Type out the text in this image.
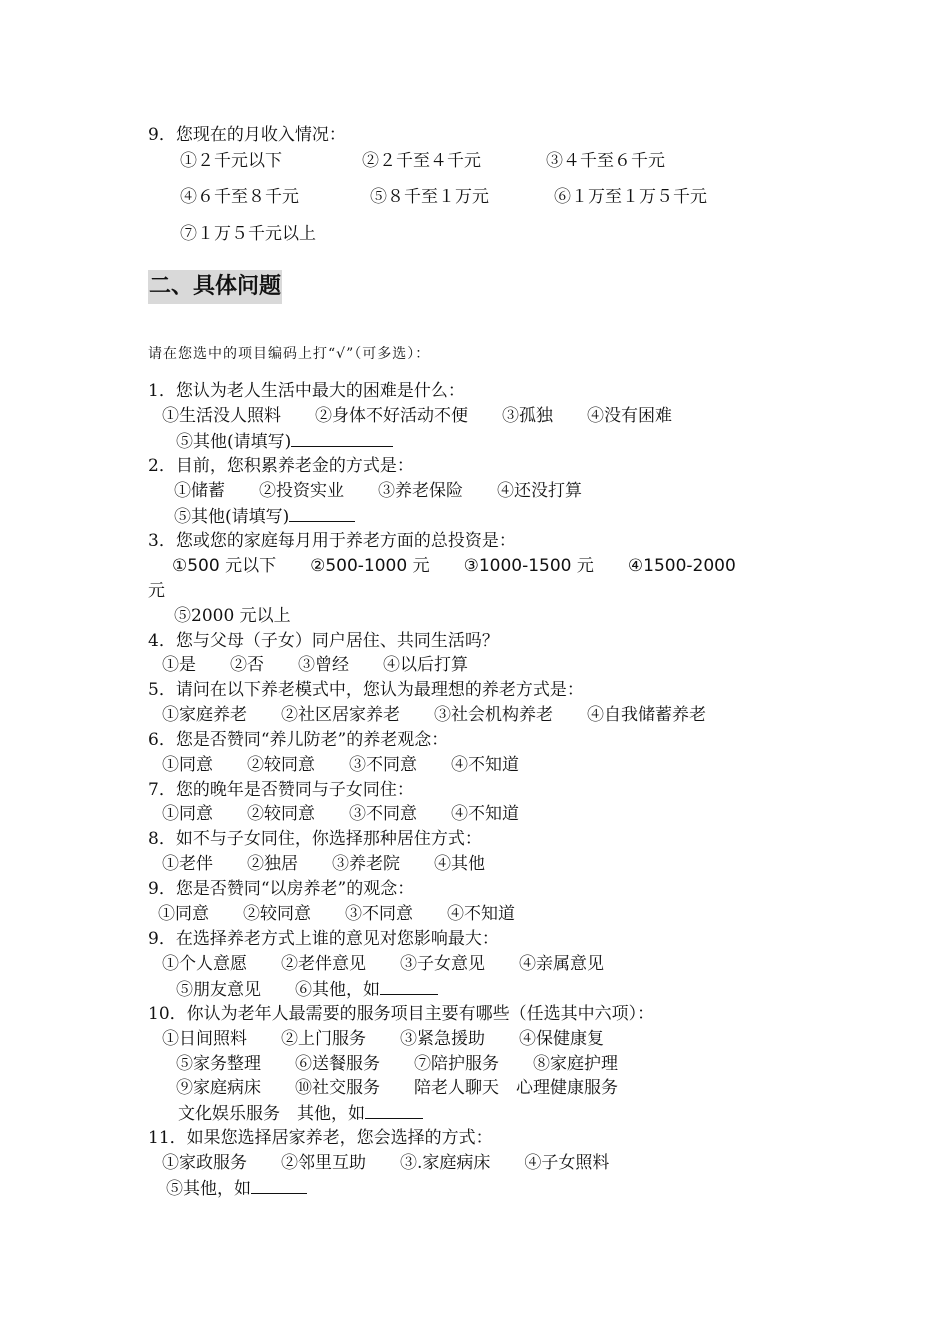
9．您现在的月收入情况：
①２千元以下	②２千至４千元	③４千至６千元
④６千至８千元	⑤８千至１万元	⑥１万至１万５千元
⑦１万５千元以上
二、具体问题
请在您选中的项目编码上打“√”（可多选）：
1．您认为老人生活中最大的困难是什么：
①生活没人照料　　②身体不好活动不便　　③孤独　　④没有困难
⑤其他(请填写)
2．目前，您积累养老金的方式是：
①储蓄　　②投资实业　　③养老保险　　④还没打算
⑤其他(请填写)
3．您或您的家庭每月用于养老方面的总投资是：
①500 元以下　　②500-1000 元　　③1000-1500 元　　④1500-2000
元
⑤2000 元以上
4．您与父母（子女）同户居住、共同生活吗？
①是　　②否　　③曾经　　④以后打算
5．请问在以下养老模式中，您认为最理想的养老方式是：
①家庭养老　　②社区居家养老　　③社会机构养老　　④自我储蓄养老
6．您是否赞同“养儿防老”的养老观念：
①同意　　②较同意　　③不同意　　④不知道
7．您的晚年是否赞同与子女同住：
①同意　　②较同意　　③不同意　　④不知道
8．如不与子女同住，你选择那种居住方式：
①老伴　　②独居　　③养老院　　④其他
9．您是否赞同“以房养老”的观念：
①同意　　②较同意　　③不同意　　④不知道
9．在选择养老方式上谁的意见对您影响最大：
①个人意愿　　②老伴意见　　③子女意见　　④亲属意见
⑤朋友意见　　⑥其他，如
10．你认为老年人最需要的服务项目主要有哪些（任选其中六项）：
①日间照料　　②上门服务　　③紧急援助　　④保健康复
⑤家务整理　　⑥送餐服务　　⑦陪护服务　　⑧家庭护理
⑨家庭病床　　⑩社交服务　　陪老人聊天　心理健康服务
文化娱乐服务　其他，如
11．如果您选择居家养老，您会选择的方式：
①家政服务　　②邻里互助　　③.家庭病床　　④子女照料
⑤其他，如
